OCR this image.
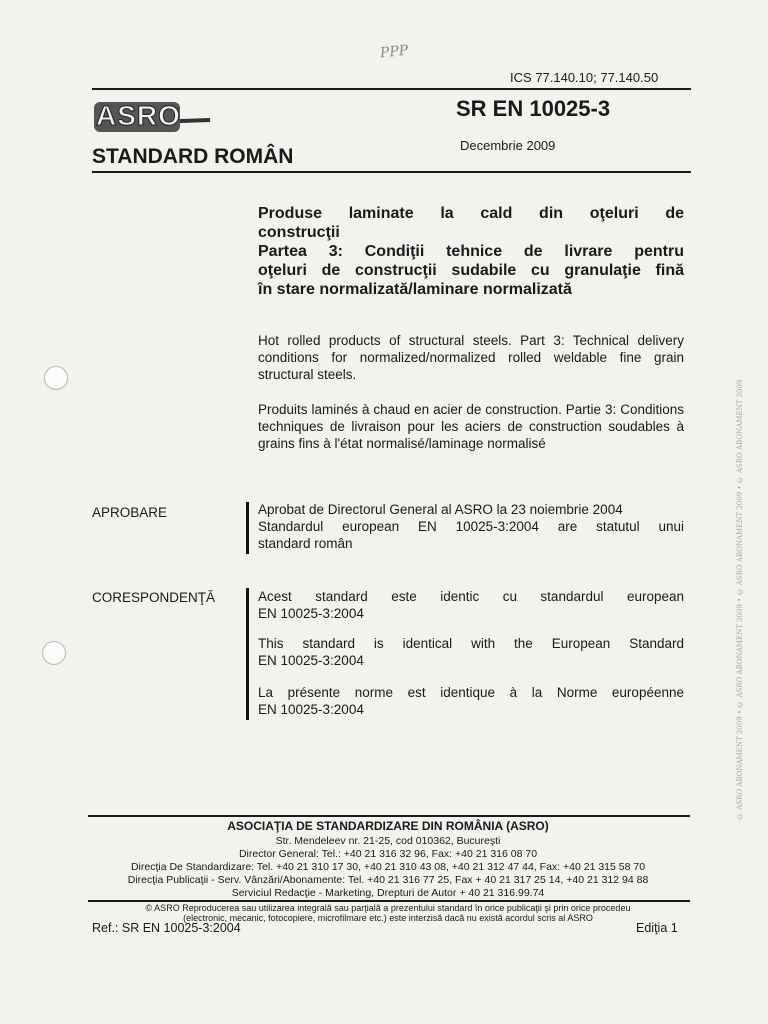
PPP
ICS 77.140.10; 77.140.50
ASRO	SR EN 10025-3
STANDARD ROMÂN	Decembrie 2009
Produse laminate la cald din oţeluri de
construcţii
Partea 3: Condiţii tehnice de livrare pentru
oţeluri de construcţii sudabile cu granulaţie fină
în stare normalizată/laminare normalizată
Hot rolled products of structural steels. Part 3: Technical delivery conditions for normalized/normalized rolled weldable fine grain structural steels.
Produits laminés à chaud en acier de construction. Partie 3: Conditions techniques de livraison pour les aciers de construction soudables à grains fins à l'état normalisé/laminage normalisé
APROBARE	Aprobat de Directorul General al ASRO la 23 noiembrie 2004
Standardul european EN 10025-3:2004 are statutul unui
standard român
CORESPONDENŢĂ	Acest standard este identic cu standardul european
EN 10025-3:2004
This standard is identical with the European Standard
EN 10025-3:2004
La présente norme est identique à la Norme européenne
EN 10025-3:2004
ASOCIAŢIA DE STANDARDIZARE DIN ROMÂNIA (ASRO)
Str. Mendeleev nr. 21-25, cod 010362, Bucureşti
Director General: Tel.: +40 21 316 32 96, Fax: +40 21 316 08 70
Direcţia De Standardizare: Tel. +40 21 310 17 30, +40 21 310 43 08, +40 21 312 47 44, Fax: +40 21 315 58 70
Direcţia Publicaţii - Serv. Vânzări/Abonamente: Tel. +40 21 316 77 25, Fax + 40 21 317 25 14, +40 21 312 94 88
Serviciul Redacţie - Marketing, Drepturi de Autor + 40 21 316.99.74
© ASRO Reproducerea sau utilizarea integrală sau parţială a prezentului standard în orice publicaţii şi prin orice procedeu
(electronic, mecanic, fotocopiere, microfilmare etc.) este interzisă dacă nu există acordul scris al ASRO
Ref.: SR EN 10025-3:2004	Ediţia 1
© ASRO ABONAMENT 2009 • © ASRO ABONAMENT 2009 • © ASRO ABONAMENT 2009 • © ASRO ABONAMENT 2009
